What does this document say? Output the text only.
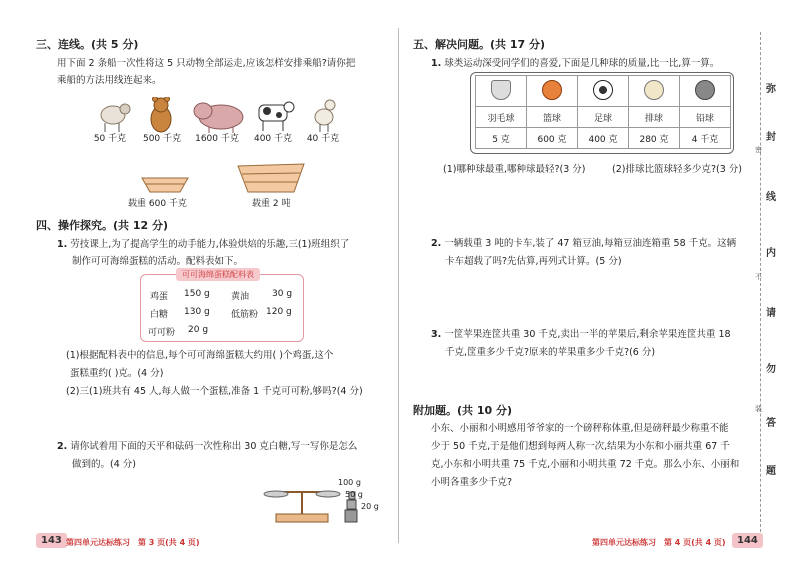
三、连线。(共 5 分)
用下面 2 条船一次性将这 5 只动物全部运走,应该怎样安排乘船?请你把
乘船的方法用线连起来。
50 千克	500 千克	1600 千克	400 千克	40 千克
载重 600 千克	载重 2 吨
四、操作探究。(共 12 分)
1. 劳技课上,为了提高学生的动手能力,体验烘焙的乐趣,三(1)班组织了
制作可可海绵蛋糕的活动。配料表如下。
可可海绵蛋糕配料表
鸡蛋 150 g 黄油	30 g
白糖 130 g 低筋粉 120 g
可可粉 20 g
(1)根据配料表中的信息,每个可可海绵蛋糕大约用( )个鸡蛋,这个
蛋糕重约( )克。(4 分)
(2)三(1)班共有 45 人,每人做一个蛋糕,准备 1 千克可可粉,够吗?(4 分)
2. 请你试着用下面的天平和砝码一次性称出 30 克白糖,写一写你是怎么
做到的。(4 分)
100 g
50 g
20 g
143 第四单元达标练习　第 3 页(共 4 页)
五、解决问题。(共 17 分)
1. 球类运动深受同学们的喜爱,下面是几种球的质量,比一比,算一算。

羽毛球	篮球	足球	排球	铅球
5 克	600 克	400 克	280 克	4 千克
(1)哪种球最重,哪种球最轻?(3 分)	(2)排球比篮球轻多少克?(3 分)
2. 一辆载重 3 吨的卡车,装了 47 箱豆油,每箱豆油连箱重 58 千克。这辆
卡车超载了吗?先估算,再列式计算。(5 分)
3. 一筐苹果连筐共重 30 千克,卖出一半的苹果后,剩余苹果连筐共重 18
千克,筐重多少千克?原来的苹果重多少千克?(6 分)
附加题。(共 10 分)
小东、小丽和小明感用爷爷家的一个磅秤称体重,但是磅秤最少称重不能
少于 50 千克,于是他们想到每两人称一次,结果为小东和小丽共重 67 千
克,小东和小明共重 75 千克,小丽和小明共重 72 千克。那么小东、小丽和
小明各重多少千克?
第四单元达标练习　第 4 页(共 4 页)	144
弥
封
线
内
请
勿
答
题
密
不
装
